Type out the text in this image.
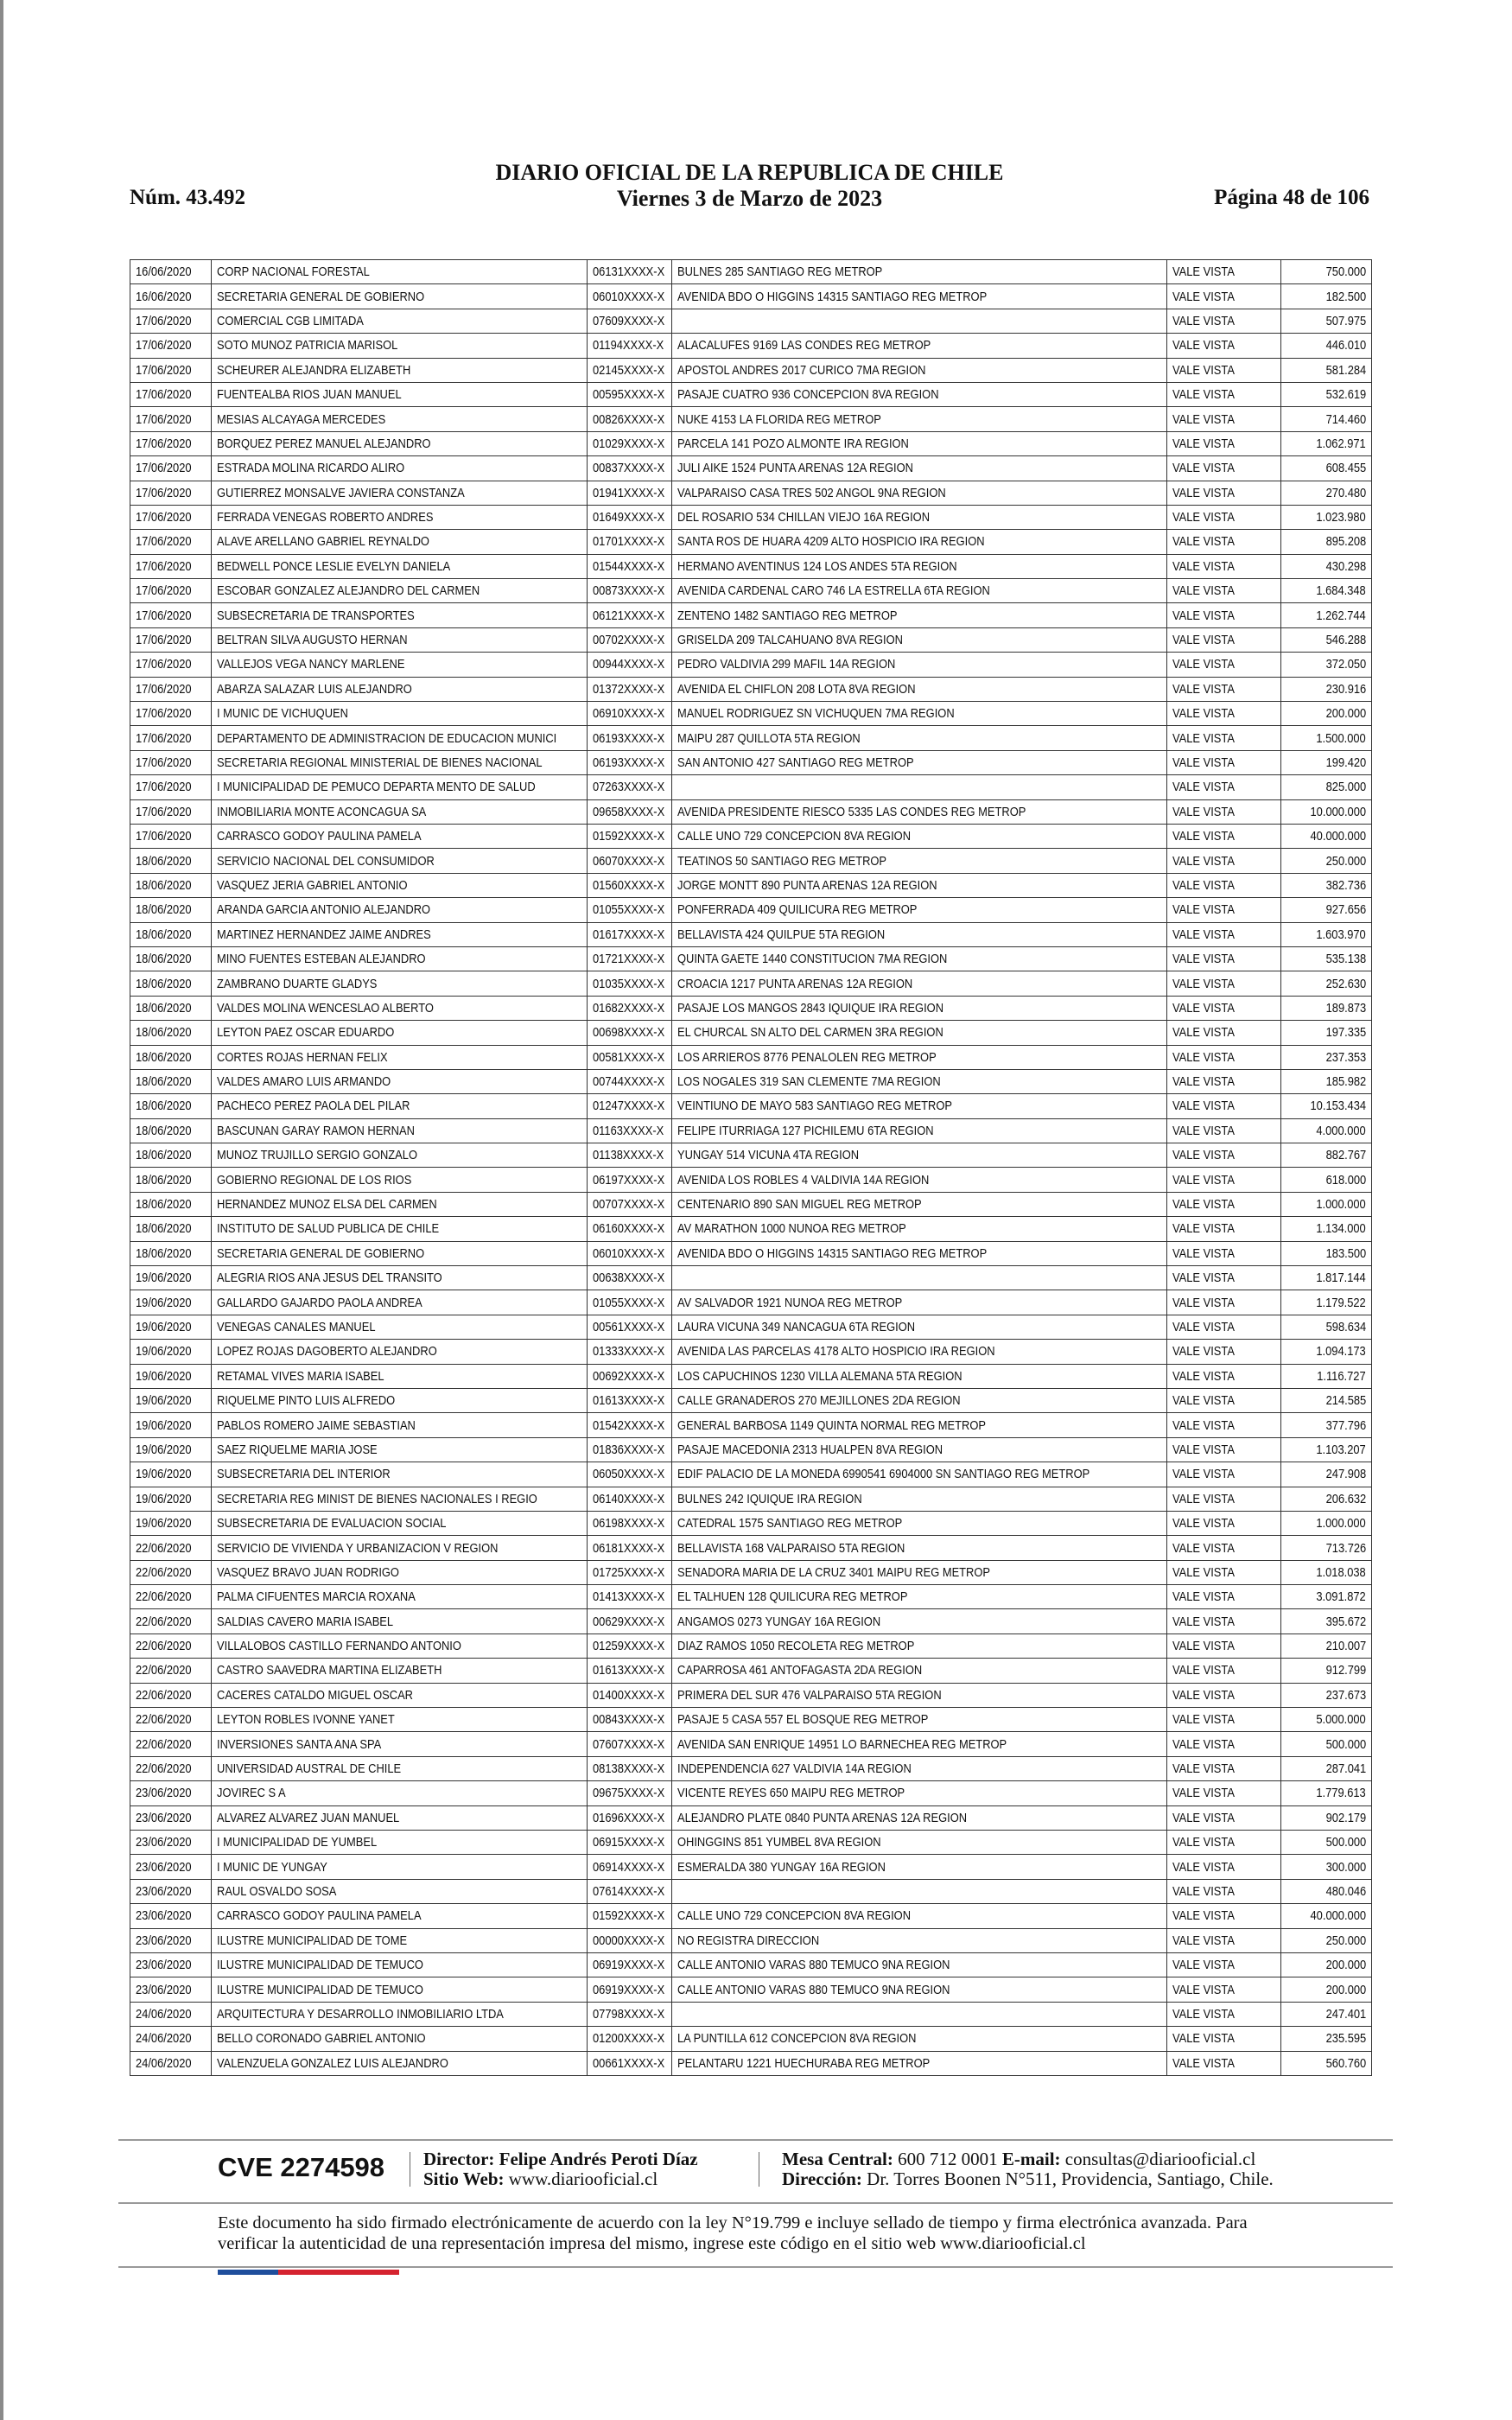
Núm. 43.492
DIARIO OFICIAL DE LA REPUBLICA DE CHILE
Viernes 3 de Marzo de 2023	Página 48 de 106
16/06/2020	CORP NACIONAL FORESTAL	06131XXXX-X	BULNES 285 SANTIAGO REG METROP	VALE VISTA	750.000
16/06/2020	SECRETARIA GENERAL DE GOBIERNO	06010XXXX-X	AVENIDA BDO O HIGGINS 14315 SANTIAGO REG METROP	VALE VISTA	182.500
17/06/2020	COMERCIAL CGB LIMITADA	07609XXXX-X		VALE VISTA	507.975
17/06/2020	SOTO MUNOZ PATRICIA MARISOL	01194XXXX-X	ALACALUFES 9169 LAS CONDES REG METROP	VALE VISTA	446.010
17/06/2020	SCHEURER ALEJANDRA ELIZABETH	02145XXXX-X	APOSTOL ANDRES 2017 CURICO 7MA REGION	VALE VISTA	581.284
17/06/2020	FUENTEALBA RIOS JUAN MANUEL	00595XXXX-X	PASAJE CUATRO 936 CONCEPCION 8VA REGION	VALE VISTA	532.619
17/06/2020	MESIAS ALCAYAGA MERCEDES	00826XXXX-X	NUKE 4153 LA FLORIDA REG METROP	VALE VISTA	714.460
17/06/2020	BORQUEZ PEREZ MANUEL ALEJANDRO	01029XXXX-X	PARCELA 141 POZO ALMONTE IRA REGION	VALE VISTA	1.062.971
17/06/2020	ESTRADA MOLINA RICARDO ALIRO	00837XXXX-X	JULI AIKE 1524 PUNTA ARENAS 12A REGION	VALE VISTA	608.455
17/06/2020	GUTIERREZ MONSALVE JAVIERA CONSTANZA	01941XXXX-X	VALPARAISO CASA TRES 502 ANGOL 9NA REGION	VALE VISTA	270.480
17/06/2020	FERRADA VENEGAS ROBERTO ANDRES	01649XXXX-X	DEL ROSARIO 534 CHILLAN VIEJO 16A REGION	VALE VISTA	1.023.980
17/06/2020	ALAVE ARELLANO GABRIEL REYNALDO	01701XXXX-X	SANTA ROS DE HUARA 4209 ALTO HOSPICIO IRA REGION	VALE VISTA	895.208
17/06/2020	BEDWELL PONCE LESLIE EVELYN DANIELA	01544XXXX-X	HERMANO AVENTINUS 124 LOS ANDES 5TA REGION	VALE VISTA	430.298
17/06/2020	ESCOBAR GONZALEZ ALEJANDRO DEL CARMEN	00873XXXX-X	AVENIDA CARDENAL CARO 746 LA ESTRELLA 6TA REGION	VALE VISTA	1.684.348
17/06/2020	SUBSECRETARIA DE TRANSPORTES	06121XXXX-X	ZENTENO 1482 SANTIAGO REG METROP	VALE VISTA	1.262.744
17/06/2020	BELTRAN SILVA AUGUSTO HERNAN	00702XXXX-X	GRISELDA 209 TALCAHUANO 8VA REGION	VALE VISTA	546.288
17/06/2020	VALLEJOS VEGA NANCY MARLENE	00944XXXX-X	PEDRO VALDIVIA 299 MAFIL 14A REGION	VALE VISTA	372.050
17/06/2020	ABARZA SALAZAR LUIS ALEJANDRO	01372XXXX-X	AVENIDA EL CHIFLON 208 LOTA 8VA REGION	VALE VISTA	230.916
17/06/2020	I MUNIC DE VICHUQUEN	06910XXXX-X	MANUEL RODRIGUEZ SN VICHUQUEN 7MA REGION	VALE VISTA	200.000
17/06/2020	DEPARTAMENTO DE ADMINISTRACION DE EDUCACION MUNICI	06193XXXX-X	MAIPU 287 QUILLOTA 5TA REGION	VALE VISTA	1.500.000
17/06/2020	SECRETARIA REGIONAL MINISTERIAL DE BIENES NACIONAL	06193XXXX-X	SAN ANTONIO 427 SANTIAGO REG METROP	VALE VISTA	199.420
17/06/2020	I MUNICIPALIDAD DE PEMUCO DEPARTA MENTO DE SALUD	07263XXXX-X		VALE VISTA	825.000
17/06/2020	INMOBILIARIA MONTE ACONCAGUA SA	09658XXXX-X	AVENIDA PRESIDENTE RIESCO 5335 LAS CONDES REG METROP	VALE VISTA	10.000.000
17/06/2020	CARRASCO GODOY PAULINA PAMELA	01592XXXX-X	CALLE UNO 729 CONCEPCION 8VA REGION	VALE VISTA	40.000.000
18/06/2020	SERVICIO NACIONAL DEL CONSUMIDOR	06070XXXX-X	TEATINOS 50 SANTIAGO REG METROP	VALE VISTA	250.000
18/06/2020	VASQUEZ JERIA GABRIEL ANTONIO	01560XXXX-X	JORGE MONTT 890 PUNTA ARENAS 12A REGION	VALE VISTA	382.736
18/06/2020	ARANDA GARCIA ANTONIO ALEJANDRO	01055XXXX-X	PONFERRADA 409 QUILICURA REG METROP	VALE VISTA	927.656
18/06/2020	MARTINEZ HERNANDEZ JAIME ANDRES	01617XXXX-X	BELLAVISTA 424 QUILPUE 5TA REGION	VALE VISTA	1.603.970
18/06/2020	MINO FUENTES ESTEBAN ALEJANDRO	01721XXXX-X	QUINTA GAETE 1440 CONSTITUCION 7MA REGION	VALE VISTA	535.138
18/06/2020	ZAMBRANO DUARTE GLADYS	01035XXXX-X	CROACIA 1217 PUNTA ARENAS 12A REGION	VALE VISTA	252.630
18/06/2020	VALDES MOLINA WENCESLAO ALBERTO	01682XXXX-X	PASAJE LOS MANGOS 2843 IQUIQUE IRA REGION	VALE VISTA	189.873
18/06/2020	LEYTON PAEZ OSCAR EDUARDO	00698XXXX-X	EL CHURCAL SN ALTO DEL CARMEN 3RA REGION	VALE VISTA	197.335
18/06/2020	CORTES ROJAS HERNAN FELIX	00581XXXX-X	LOS ARRIEROS 8776 PENALOLEN REG METROP	VALE VISTA	237.353
18/06/2020	VALDES AMARO LUIS ARMANDO	00744XXXX-X	LOS NOGALES 319 SAN CLEMENTE 7MA REGION	VALE VISTA	185.982
18/06/2020	PACHECO PEREZ PAOLA DEL PILAR	01247XXXX-X	VEINTIUNO DE MAYO 583 SANTIAGO REG METROP	VALE VISTA	10.153.434
18/06/2020	BASCUNAN GARAY RAMON HERNAN	01163XXXX-X	FELIPE ITURRIAGA 127 PICHILEMU 6TA REGION	VALE VISTA	4.000.000
18/06/2020	MUNOZ TRUJILLO SERGIO GONZALO	01138XXXX-X	YUNGAY 514 VICUNA 4TA REGION	VALE VISTA	882.767
18/06/2020	GOBIERNO REGIONAL DE LOS RIOS	06197XXXX-X	AVENIDA LOS ROBLES 4 VALDIVIA 14A REGION	VALE VISTA	618.000
18/06/2020	HERNANDEZ MUNOZ ELSA DEL CARMEN	00707XXXX-X	CENTENARIO 890 SAN MIGUEL REG METROP	VALE VISTA	1.000.000
18/06/2020	INSTITUTO DE SALUD PUBLICA DE CHILE	06160XXXX-X	AV MARATHON 1000 NUNOA REG METROP	VALE VISTA	1.134.000
18/06/2020	SECRETARIA GENERAL DE GOBIERNO	06010XXXX-X	AVENIDA BDO O HIGGINS 14315 SANTIAGO REG METROP	VALE VISTA	183.500
19/06/2020	ALEGRIA RIOS ANA JESUS DEL TRANSITO	00638XXXX-X		VALE VISTA	1.817.144
19/06/2020	GALLARDO GAJARDO PAOLA ANDREA	01055XXXX-X	AV SALVADOR 1921 NUNOA REG METROP	VALE VISTA	1.179.522
19/06/2020	VENEGAS CANALES MANUEL	00561XXXX-X	LAURA VICUNA 349 NANCAGUA 6TA REGION	VALE VISTA	598.634
19/06/2020	LOPEZ ROJAS DAGOBERTO ALEJANDRO	01333XXXX-X	AVENIDA LAS PARCELAS 4178 ALTO HOSPICIO IRA REGION	VALE VISTA	1.094.173
19/06/2020	RETAMAL VIVES MARIA ISABEL	00692XXXX-X	LOS CAPUCHINOS 1230 VILLA ALEMANA 5TA REGION	VALE VISTA	1.116.727
19/06/2020	RIQUELME PINTO LUIS ALFREDO	01613XXXX-X	CALLE GRANADEROS 270 MEJILLONES 2DA REGION	VALE VISTA	214.585
19/06/2020	PABLOS ROMERO JAIME SEBASTIAN	01542XXXX-X	GENERAL BARBOSA 1149 QUINTA NORMAL REG METROP	VALE VISTA	377.796
19/06/2020	SAEZ RIQUELME MARIA JOSE	01836XXXX-X	PASAJE MACEDONIA 2313 HUALPEN 8VA REGION	VALE VISTA	1.103.207
19/06/2020	SUBSECRETARIA DEL INTERIOR	06050XXXX-X	EDIF PALACIO DE LA MONEDA 6990541 6904000 SN SANTIAGO REG METROP	VALE VISTA	247.908
19/06/2020	SECRETARIA REG MINIST DE BIENES NACIONALES I REGIO	06140XXXX-X	BULNES 242 IQUIQUE IRA REGION	VALE VISTA	206.632
19/06/2020	SUBSECRETARIA DE EVALUACION SOCIAL	06198XXXX-X	CATEDRAL 1575 SANTIAGO REG METROP	VALE VISTA	1.000.000
22/06/2020	SERVICIO DE VIVIENDA Y URBANIZACION V REGION	06181XXXX-X	BELLAVISTA 168 VALPARAISO 5TA REGION	VALE VISTA	713.726
22/06/2020	VASQUEZ BRAVO JUAN RODRIGO	01725XXXX-X	SENADORA MARIA DE LA CRUZ 3401 MAIPU REG METROP	VALE VISTA	1.018.038
22/06/2020	PALMA CIFUENTES MARCIA ROXANA	01413XXXX-X	EL TALHUEN 128 QUILICURA REG METROP	VALE VISTA	3.091.872
22/06/2020	SALDIAS CAVERO MARIA ISABEL	00629XXXX-X	ANGAMOS 0273 YUNGAY 16A REGION	VALE VISTA	395.672
22/06/2020	VILLALOBOS CASTILLO FERNANDO ANTONIO	01259XXXX-X	DIAZ RAMOS 1050 RECOLETA REG METROP	VALE VISTA	210.007
22/06/2020	CASTRO SAAVEDRA MARTINA ELIZABETH	01613XXXX-X	CAPARROSA 461 ANTOFAGASTA 2DA REGION	VALE VISTA	912.799
22/06/2020	CACERES CATALDO MIGUEL OSCAR	01400XXXX-X	PRIMERA DEL SUR 476 VALPARAISO 5TA REGION	VALE VISTA	237.673
22/06/2020	LEYTON ROBLES IVONNE YANET	00843XXXX-X	PASAJE 5 CASA 557 EL BOSQUE REG METROP	VALE VISTA	5.000.000
22/06/2020	INVERSIONES SANTA ANA SPA	07607XXXX-X	AVENIDA SAN ENRIQUE 14951 LO BARNECHEA REG METROP	VALE VISTA	500.000
22/06/2020	UNIVERSIDAD AUSTRAL DE CHILE	08138XXXX-X	INDEPENDENCIA 627 VALDIVIA 14A REGION	VALE VISTA	287.041
23/06/2020	JOVIREC S A	09675XXXX-X	VICENTE REYES 650 MAIPU REG METROP	VALE VISTA	1.779.613
23/06/2020	ALVAREZ ALVAREZ JUAN MANUEL	01696XXXX-X	ALEJANDRO PLATE 0840 PUNTA ARENAS 12A REGION	VALE VISTA	902.179
23/06/2020	I MUNICIPALIDAD DE YUMBEL	06915XXXX-X	OHINGGINS 851 YUMBEL 8VA REGION	VALE VISTA	500.000
23/06/2020	I MUNIC DE YUNGAY	06914XXXX-X	ESMERALDA 380 YUNGAY 16A REGION	VALE VISTA	300.000
23/06/2020	RAUL OSVALDO SOSA	07614XXXX-X		VALE VISTA	480.046
23/06/2020	CARRASCO GODOY PAULINA PAMELA	01592XXXX-X	CALLE UNO 729 CONCEPCION 8VA REGION	VALE VISTA	40.000.000
23/06/2020	ILUSTRE MUNICIPALIDAD DE TOME	00000XXXX-X	NO REGISTRA DIRECCION	VALE VISTA	250.000
23/06/2020	ILUSTRE MUNICIPALIDAD DE TEMUCO	06919XXXX-X	CALLE ANTONIO VARAS 880 TEMUCO 9NA REGION	VALE VISTA	200.000
23/06/2020	ILUSTRE MUNICIPALIDAD DE TEMUCO	06919XXXX-X	CALLE ANTONIO VARAS 880 TEMUCO 9NA REGION	VALE VISTA	200.000
24/06/2020	ARQUITECTURA Y DESARROLLO INMOBILIARIO LTDA	07798XXXX-X		VALE VISTA	247.401
24/06/2020	BELLO CORONADO GABRIEL ANTONIO	01200XXXX-X	LA PUNTILLA 612 CONCEPCION 8VA REGION	VALE VISTA	235.595
24/06/2020	VALENZUELA GONZALEZ LUIS ALEJANDRO	00661XXXX-X	PELANTARU 1221 HUECHURABA REG METROP	VALE VISTA	560.760
CVE 2274598 Director: Felipe Andrés Peroti Díaz
Sitio Web: www.diariooficial.cl
Mesa Central: 600 712 0001 E-mail: consultas@diariooficial.cl
Dirección: Dr. Torres Boonen N°511, Providencia, Santiago, Chile.
Este documento ha sido firmado electrónicamente de acuerdo con la ley N°19.799 e incluye sellado de tiempo y firma electrónica avanzada. Para verificar la autenticidad de una representación impresa del mismo, ingrese este código en el sitio web www.diariooficial.cl
